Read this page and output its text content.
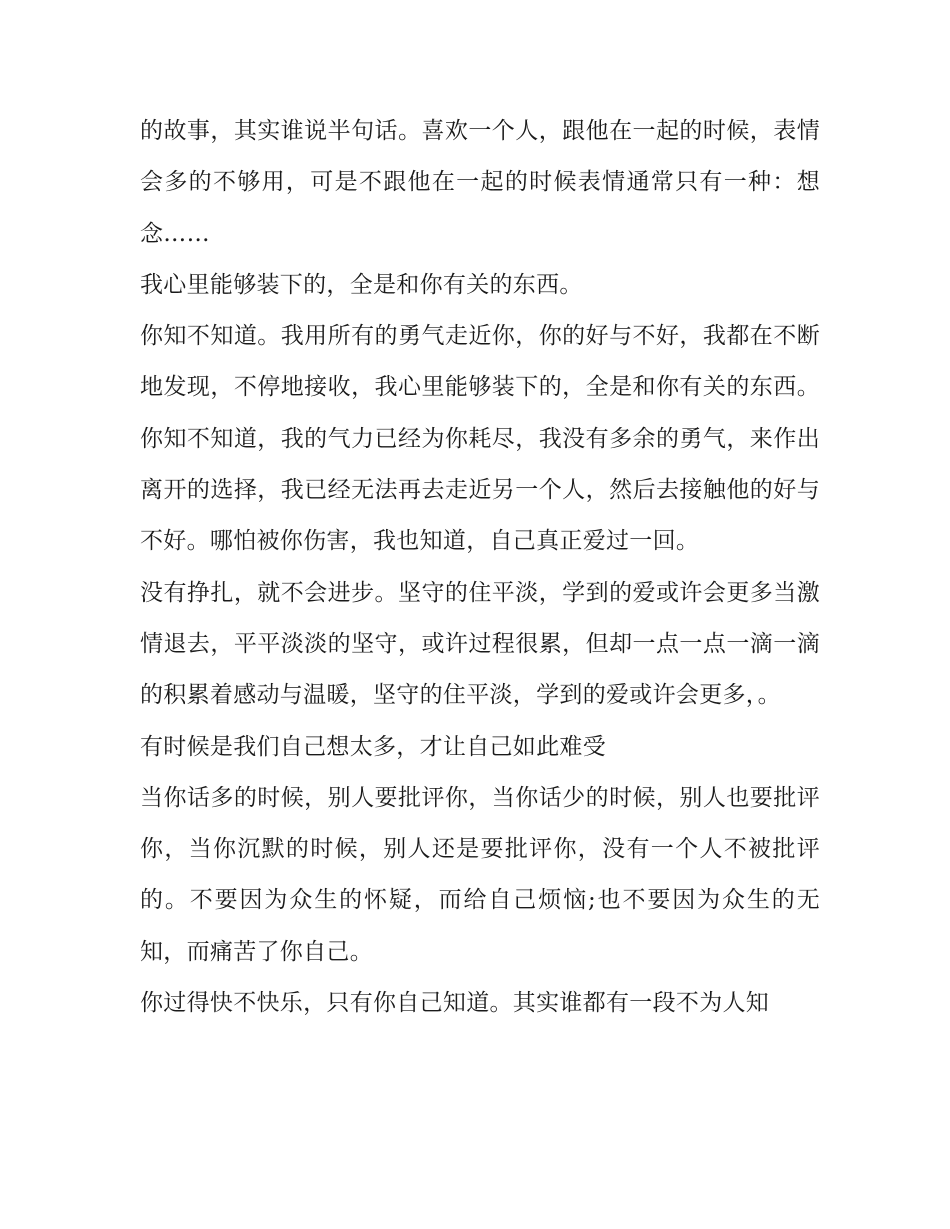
的故事，其实谁说半句话。喜欢一个人，跟他在一起的时候，表情会多的不够用，可是不跟他在一起的时候表情通常只有一种：想念……

我心里能够装下的，全是和你有关的东西。

你知不知道。我用所有的勇气走近你，你的好与不好，我都在不断地发现，不停地接收，我心里能够装下的，全是和你有关的东西。你知不知道，我的气力已经为你耗尽，我没有多余的勇气，来作出离开的选择，我已经无法再去走近另一个人，然后去接触他的好与不好。哪怕被你伤害，我也知道，自己真正爱过一回。

没有挣扎，就不会进步。坚守的住平淡，学到的爱或许会更多当激情退去，平平淡淡的坚守，或许过程很累，但却一点一点一滴一滴的积累着感动与温暖，坚守的住平淡，学到的爱或许会更多，。

有时候是我们自己想太多，才让自己如此难受

当你话多的时候，别人要批评你，当你话少的时候，别人也要批评你，当你沉默的时候，别人还是要批评你，没有一个人不被批评的。不要因为众生的怀疑，而给自己烦恼;也不要因为众生的无知，而痛苦了你自己。

你过得快不快乐，只有你自己知道。其实谁都有一段不为人知
